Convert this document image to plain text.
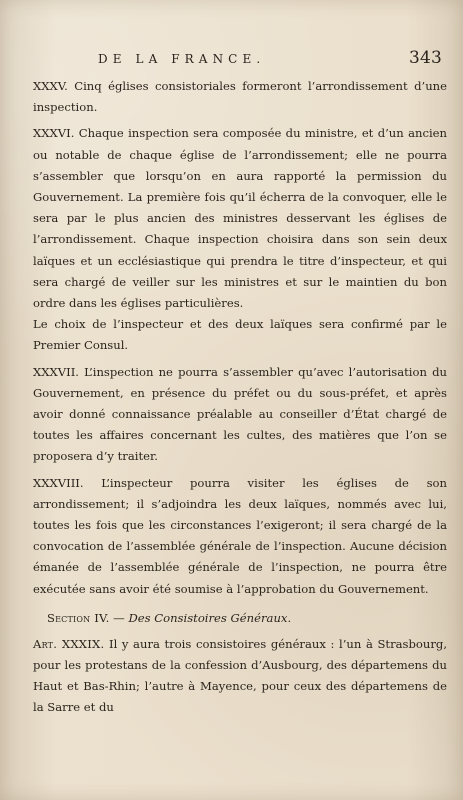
DE LA FRANCE.	343

XXXV. Cinq églises consistoriales formeront l’arrondissement d’une inspection.

XXXVI. Chaque inspection sera composée du ministre, et d’un ancien ou notable de chaque église de l’arrondissement; elle ne pourra s’assembler que lorsqu’on en aura rapporté la permission du Gouvernement. La première fois qu’il écherra de la convoquer, elle le sera par le plus ancien des ministres desservant les églises de l’arrondissement. Chaque inspection choisira dans son sein deux laïques et un ecclésiastique qui prendra le titre d’inspecteur, et qui sera chargé de veiller sur les ministres et sur le maintien du bon ordre dans les églises particulières.

Le choix de l’inspecteur et des deux laïques sera confirmé par le Premier Consul.

XXXVII. L’inspection ne pourra s’assembler qu’avec l’autorisation du Gouvernement, en présence du préfet ou du sous-préfet, et après avoir donné connaissance préalable au conseiller d’État chargé de toutes les affaires concernant les cultes, des matières que l’on se proposera d’y traiter.

XXXVIII. L’inspecteur pourra visiter les églises de son arrondissement; il s’adjoindra les deux laïques, nommés avec lui, toutes les fois que les circonstances l’exigeront; il sera chargé de la convocation de l’assemblée générale de l’inspection. Aucune décision émanée de l’assemblée générale de l’inspection, ne pourra être exécutée sans avoir été soumise à l’approbation du Gouvernement.

Section IV. — Des Consistoires Généraux.

Art. XXXIX. Il y aura trois consistoires généraux : l’un à Strasbourg, pour les protestans de la confession d’Ausbourg, des départemens du Haut et Bas-Rhin; l’autre à Mayence, pour ceux des départemens de la Sarre et du
